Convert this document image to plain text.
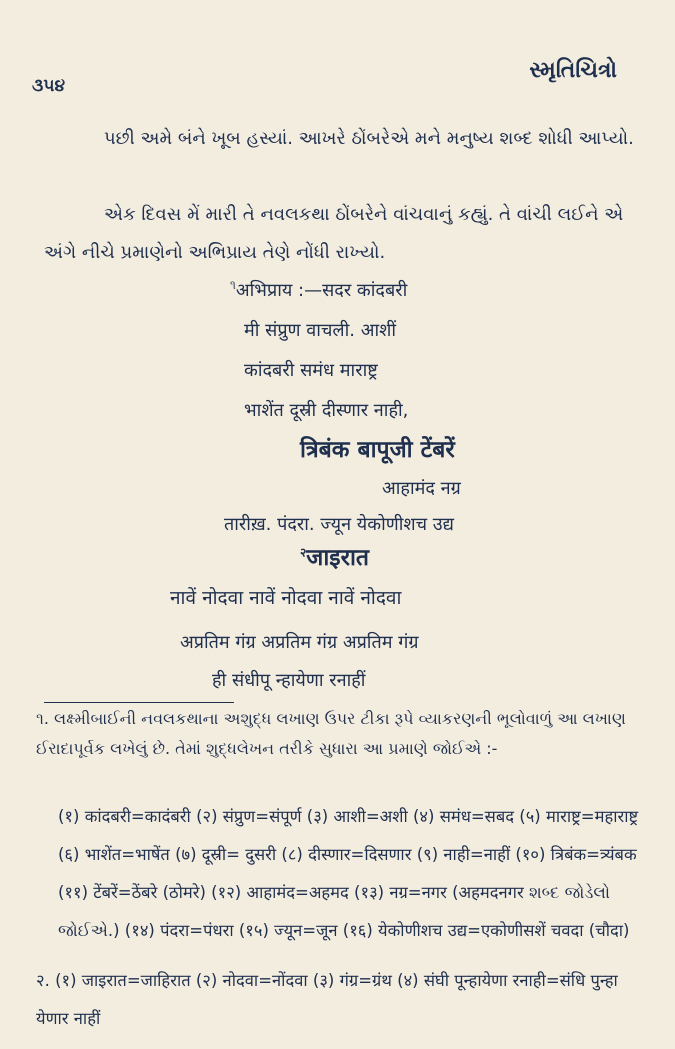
૩૫૪
સ્મૃતિચિત્રો
પછી અમે બંને ખૂબ હસ્યાં. આખરે ઠોંબરેએ મને મનુષ્ય શબ્દ શોધી આપ્યો.
એક દિવસ મેં મારી તે નવલકથા ઠોંબરેને વાંચવાનું કહ્યું. તે વાંચી લઈને એ અંગે નીચે પ્રમાણેનો અભિપ્રાય તેણે નોંધી રાખ્યો.
$^૧$अभिप्राय :—सदर कांदबरी
मी संप्रुण वाचली. आशीं
कांदबरी समंध माराष्ट्र
भाशेंत दूस्री दीस्णार नाही,
त्रिबंक बापूजी टेंबरें
आहामंद नग्र
तारीख़. पंदरा. ज्यून येकोणीशच उद्य
$^२$जाइरात
नावें नोदवा नावें नोदवा नावें नोदवा
अप्रतिम गंग्र अप्रतिम गंग्र अप्रतिम गंग्र
ही संधीपू न्हायेणा रनाहीं
૧. લક્ષ્મીબાઈની નવલકથાના અશુદ્ધ લખાણ ઉપર ટીકા રૂપે વ્યાકરણની ભૂલોવાળું આ લખાણ ઈરાદાપૂર્વક લખેલું છે. તેમાં શુદ્ધલેખન તરીકે સુધારા આ પ્રમાણે જોઈએ :-
(१) कांदबरी=कादंबरी (२) संप्रुण=संपूर्ण (३) आशी=अशी (४) समंध=सबद (५) माराष्ट्र=महाराष्ट्र (६) भाशेंत=भाषेंत (७) दूस्री= दुसरी (८) दीस्णार=दिसणार (९) नाही=नाहीं (१०) त्रिबंक=त्र्यंबक (११) टेंबरें=ठेंबरे (ठोमरे) (१२) आहामंद=अहमद (१३) नग्र=नगर (अहमदनगर શબ્દ જોડેલો જોઈએ.) (१४) पंदरा=पंधरा (१५) ज्यून=जून (१६) येकोणीशच उद्य=एकोणीसशें चवदा (चौदा)
२. (१) जाइरात=जाहिरात (२) नोदवा=नोंदवा (३) गंग्र=ग्रंथ (४) संघी पून्हायेणा रनाही=संधि पुन्हा येणार नाहीं
